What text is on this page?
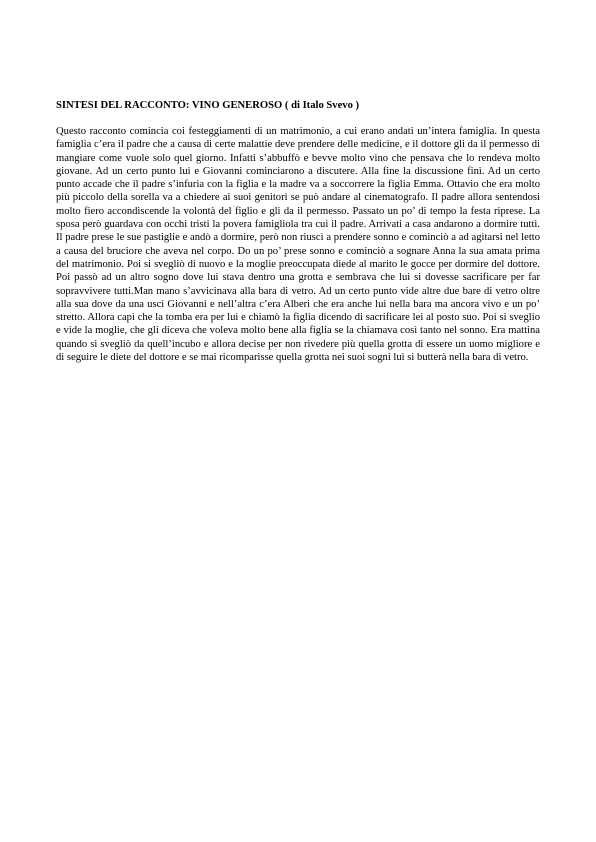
SINTESI DEL RACCONTO: VINO GENEROSO ( di Italo Svevo )

Questo racconto comincia coi festeggiamenti di un matrimonio, a cui erano andati un’intera famiglia. In questa famiglia c’era il padre che a causa di certe malattie deve prendere delle medicine, e il dottore gli da il permesso di mangiare come vuole solo quel giorno. Infatti s’abbuffò e bevve molto vino che pensava che lo rendeva molto giovane. Ad un certo punto lui e Giovanni cominciarono a discutere. Alla fine la discussione finì. Ad un certo punto accade che il padre s’infuria con la figlia e la madre va a soccorrere la figlia Emma. Ottavio che era molto più piccolo della sorella va a chiedere ai suoi genitori se può andare al cinematografo. Il padre allora sentendosi molto fiero accondiscende la volontà del figlio e gli da il permesso. Passato un po’ di tempo la festa riprese. La sposa però guardava con occhi tristi la povera famigliola tra cui il padre. Arrivati a casa andarono a dormire tutti. Il padre prese le sue pastiglie e andò a dormire, però non riuscì a prendere sonno e cominciò a ad agitarsi nel letto a causa del bruciore che aveva nel corpo. Do un po’ prese sonno e cominciò a sognare Anna la sua amata prima del matrimonio. Poi si svegliò di nuovo e la moglie preoccupata diede al marito le gocce per dormire del dottore. Poi passò ad un altro sogno dove lui stava dentro una grotta e sembrava che lui si dovesse sacrificare per far sopravvivere tutti.Man mano s’avvicinava alla bara di vetro. Ad un certo punto vide altre due bare di vetro oltre alla sua dove da una uscì Giovanni e nell’altra c’era Alberi che era anche lui nella bara ma ancora vivo e un po’ stretto. Allora capì che la tomba era per lui e chiamò la figlia dicendo di sacrificare lei al posto suo. Poi si sveglio e vide la moglie, che gli diceva che voleva molto bene alla figlia se la chiamava così tanto nel sonno. Era mattina quando si svegliò da quell’incubo e allora decise per non rivedere più quella grotta di essere un uomo migliore e di seguire le diete del dottore e se mai ricomparisse quella grotta nei suoi sogni lui si butterà nella bara di vetro.
